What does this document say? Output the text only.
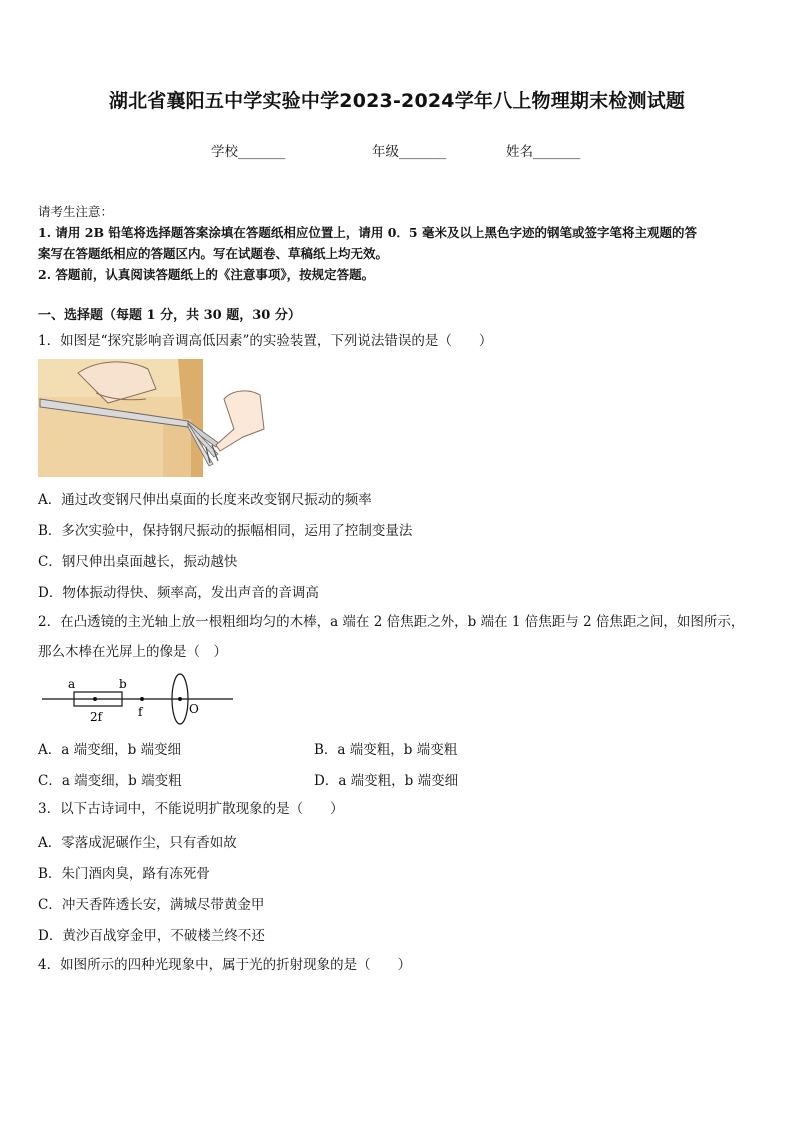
湖北省襄阳五中学实验中学2023-2024学年八上物理期末检测试题
学校_______	年级_______	姓名_______
请考生注意：
1. 请用 2B 铅笔将选择题答案涂填在答题纸相应位置上，请用 0．5 毫米及以上黑色字迹的钢笔或签字笔将主观题的答
案写在答题纸相应的答题区内。写在试题卷、草稿纸上均无效。
2. 答题前，认真阅读答题纸上的《注意事项》，按规定答题。
一、选择题（每题 1 分，共 30 题，30 分）
1．如图是“探究影响音调高低因素”的实验装置，下列说法错误的是（　　）
A．通过改变钢尺伸出桌面的长度来改变钢尺振动的频率
B．多次实验中，保持钢尺振动的振幅相同，运用了控制变量法
C．钢尺伸出桌面越长，振动越快
D．物体振动得快、频率高，发出声音的音调高
2．在凸透镜的主光轴上放一根粗细均匀的木棒，a 端在 2 倍焦距之外，b 端在 1 倍焦距与 2 倍焦距之间，如图所示，
那么木棒在光屏上的像是（　）
a	b
2f	f	O
A．a 端变细，b 端变细	B．a 端变粗，b 端变粗
C．a 端变细，b 端变粗	D．a 端变粗，b 端变细
3．以下古诗词中，不能说明扩散现象的是（　　）
A．零落成泥碾作尘，只有香如故
B．朱门酒肉臭，路有冻死骨
C．冲天香阵透长安，满城尽带黄金甲
D．黄沙百战穿金甲，不破楼兰终不还
4．如图所示的四种光现象中，属于光的折射现象的是（　　）
